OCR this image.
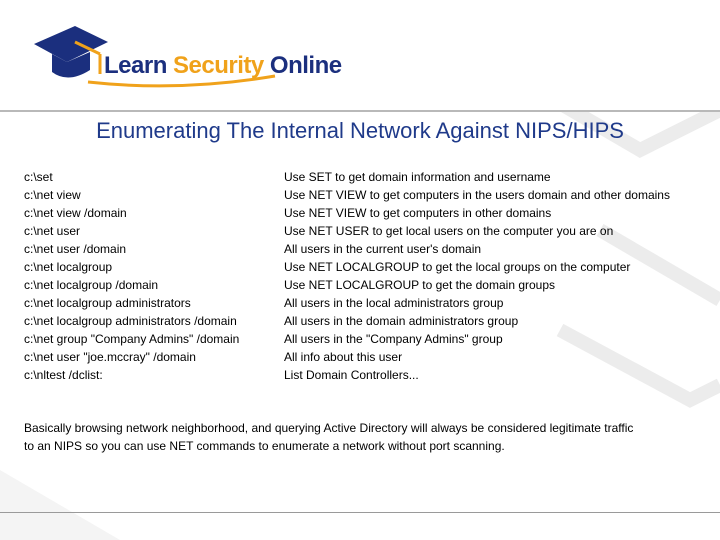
Learn Security Online
Enumerating The Internal Network Against NIPS/HIPS
c:\set
c:\net view
c:\net view /domain
c:\net user
c:\net user /domain
c:\net localgroup
c:\net localgroup /domain
c:\net localgroup administrators
c:\net localgroup administrators /domain
c:\net group "Company Admins" /domain
c:\net user "joe.mccray" /domain
c:\nltest /dclist:
Use SET to get domain information and username
Use NET VIEW to get computers in the users domain and other domains
Use NET VIEW to get computers in other domains
Use NET USER to get local users on the computer you are on
All users in the current user's domain
Use NET LOCALGROUP to get the local groups on the computer
Use NET LOCALGROUP to get the domain groups
All users in the local administrators group
All users in the domain administrators group
All users in the "Company Admins" group
All info about this user
List Domain Controllers...
Basically browsing network neighborhood, and querying Active Directory will always be considered legitimate traffic
to an NIPS so you can use NET commands to enumerate a network without port scanning.
